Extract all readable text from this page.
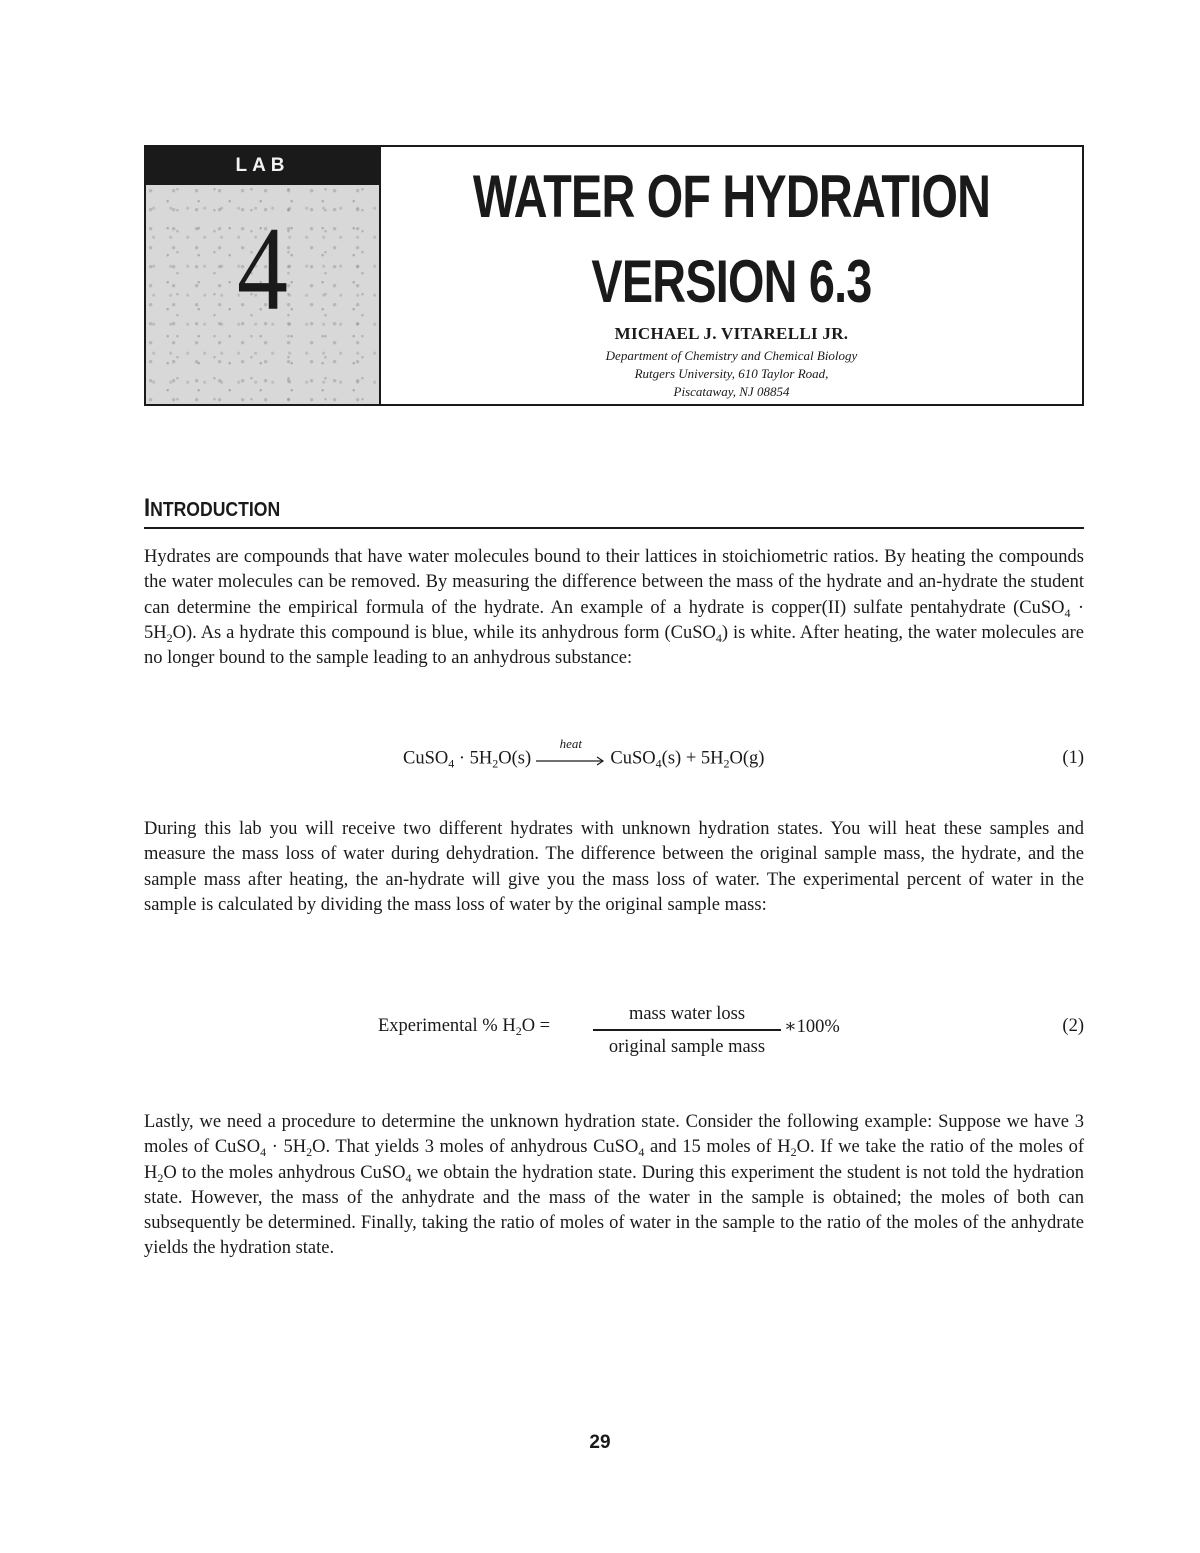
LAB
4
WATER OF HYDRATION
VERSION 6.3
MICHAEL J. VITARELLI JR.
Department of Chemistry and Chemical Biology
Rutgers University, 610 Taylor Road,
Piscataway, NJ 08854
INTRODUCTION

Hydrates are compounds that have water molecules bound to their lattices in stoichiometric ratios. By heating the compounds the water molecules can be removed. By measuring the difference between the mass of the hydrate and an-hydrate the student can determine the empirical formula of the hydrate. An example of a hydrate is copper(II) sulfate pentahydrate (CuSO$_4$ · $5H_2O$). As a hydrate this compound is blue, while its anhydrous form (CuSO$_4$) is white. After heating, the water molecules are no longer bound to the sample leading to an anhydrous substance:

CuSO$_4$ · $5H_2O(s)$
heat
CuSO$_4$(s) + $5H_2O(g)$	(1)

During this lab you will receive two different hydrates with unknown hydration states. You will heat these samples and measure the mass loss of water during dehydration. The difference between the original sample mass, the hydrate, and the sample mass after heating, the an-hydrate will give you the mass loss of water. The experimental percent of water in the sample is calculated by dividing the mass loss of water by the original sample mass:

Experimental % $H_2O$ =
mass water loss
original sample mass
∗100%	(2)

Lastly, we need a procedure to determine the unknown hydration state. Consider the following example: Suppose we have 3 moles of CuSO$_4$ · $5H_2O$. That yields 3 moles of anhydrous CuSO$_4$ and 15 moles of $H_2O$. If we take the ratio of the moles of $H_2O$ to the moles anhydrous CuSO$_4$ we obtain the hydration state. During this experiment the student is not told the hydration state. However, the mass of the anhydrate and the mass of the water in the sample is obtained; the moles of both can subsequently be determined. Finally, taking the ratio of moles of water in the sample to the ratio of the moles of the anhydrate yields the hydration state.

29
